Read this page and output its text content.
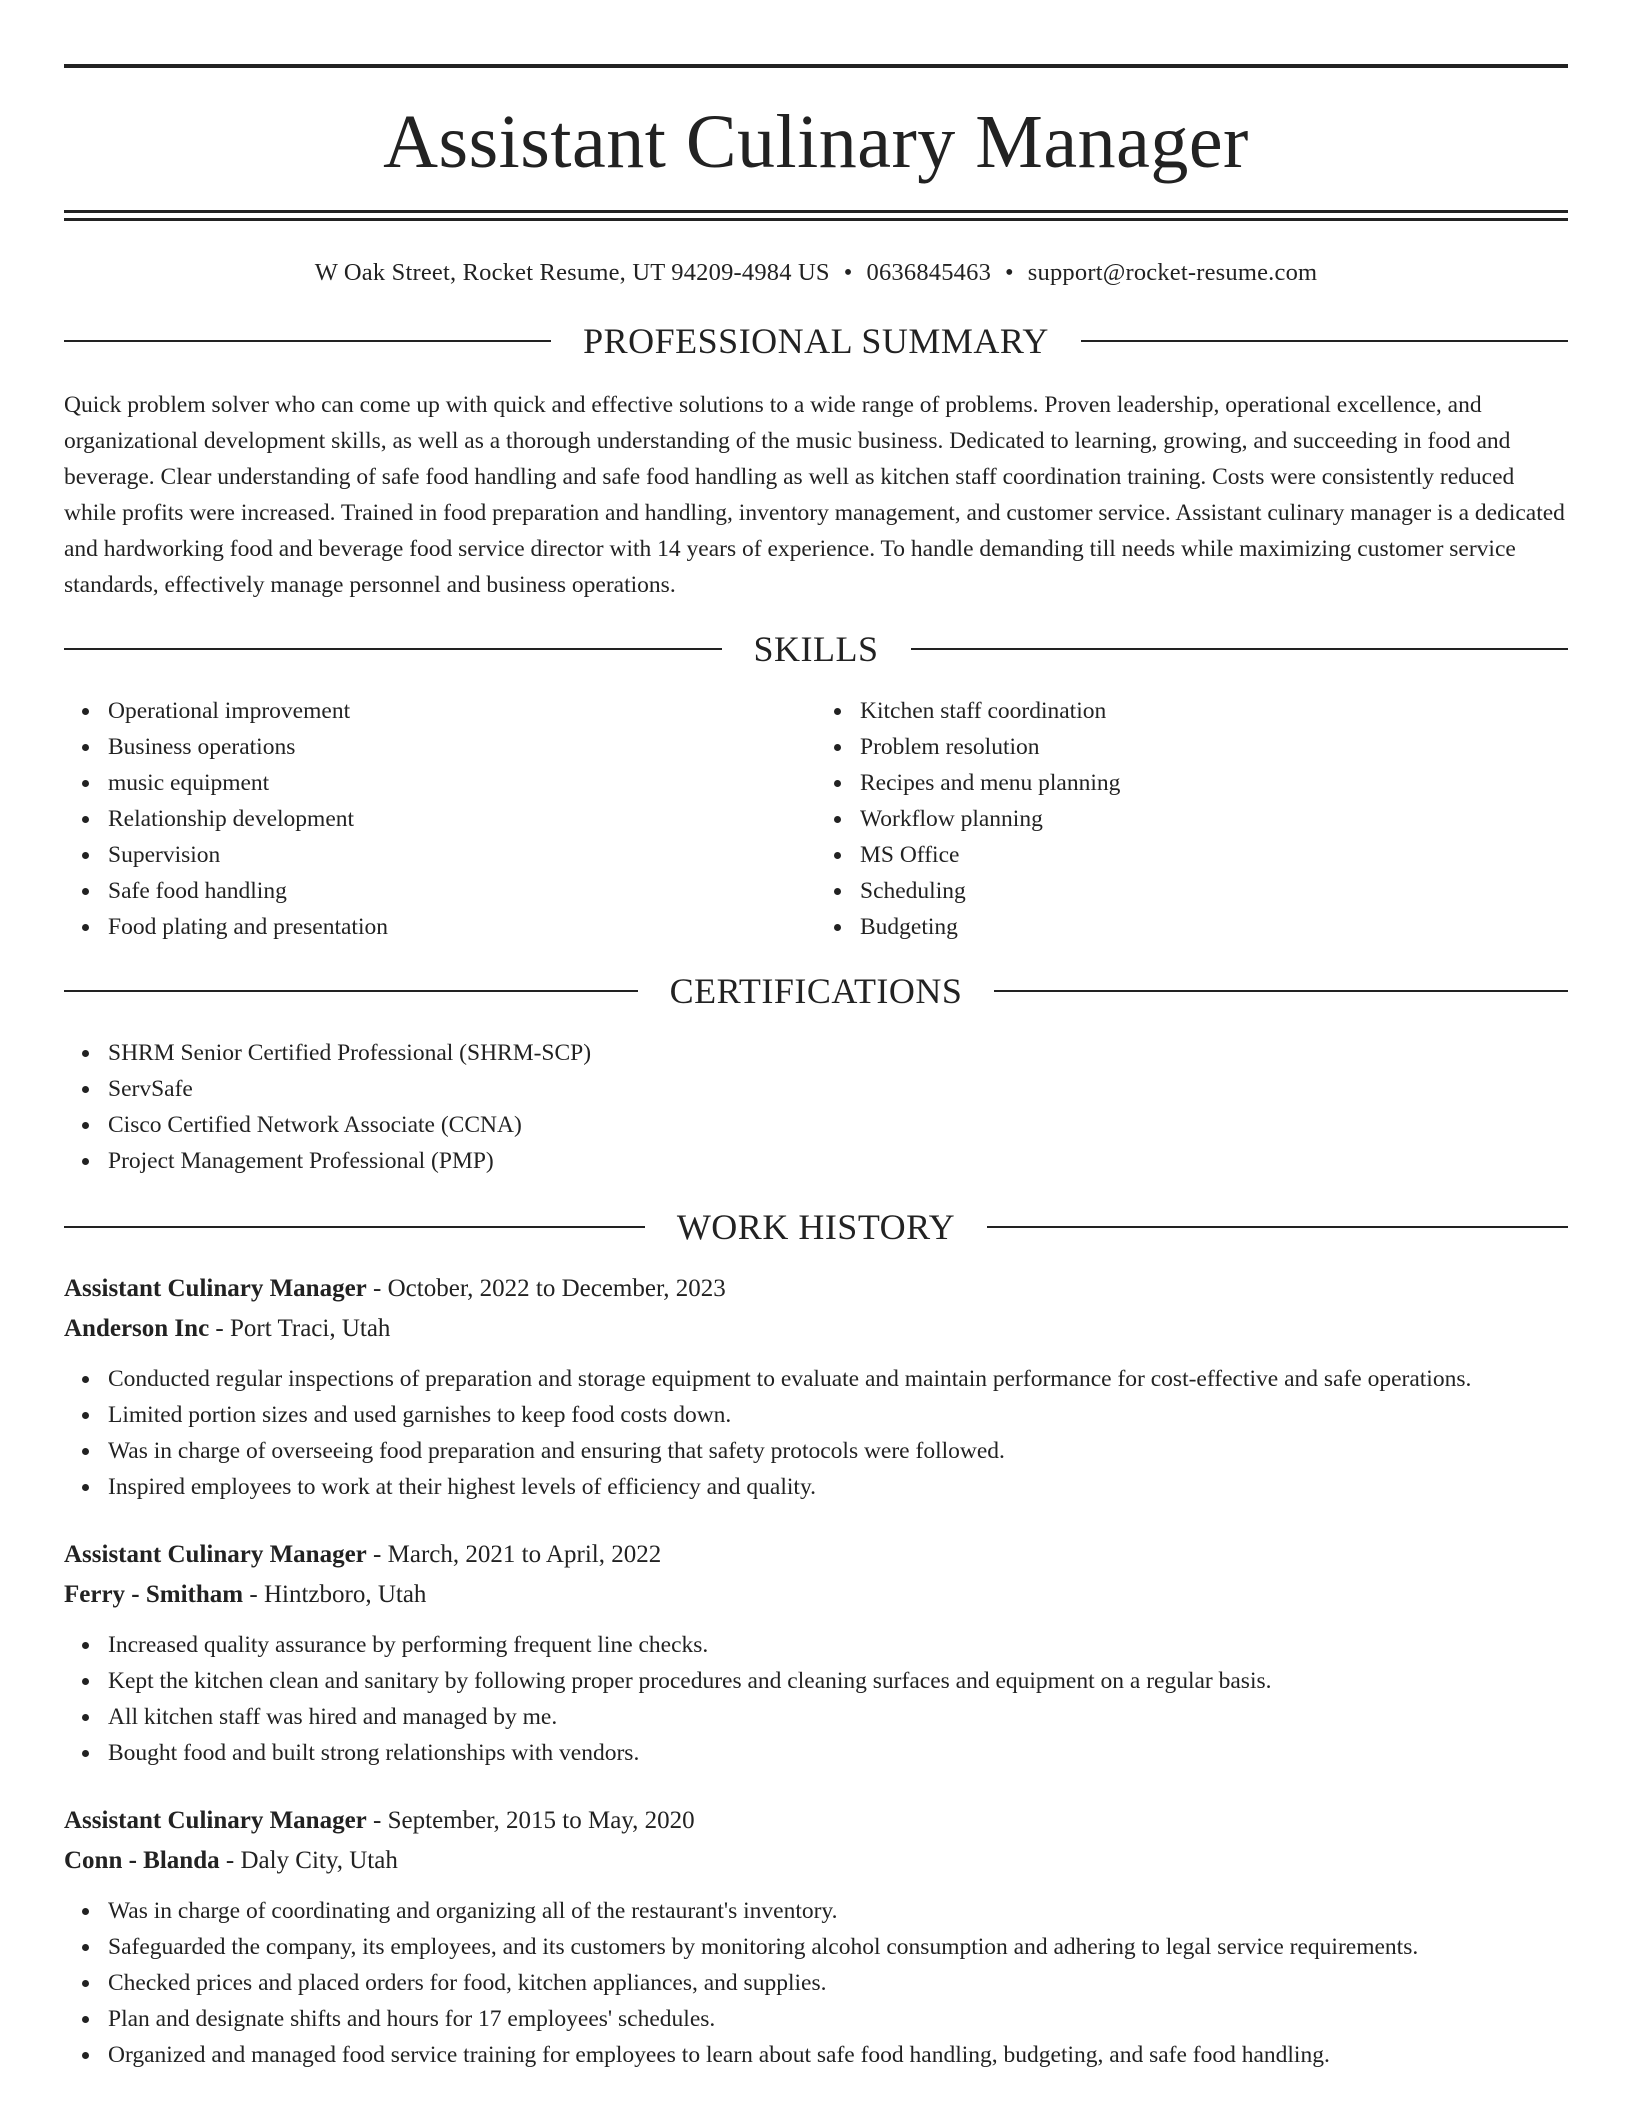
Assistant Culinary Manager
W Oak Street, Rocket Resume, UT 94209-4984 US • 0636845463 • support@rocket-resume.com
PROFESSIONAL SUMMARY

Quick problem solver who can come up with quick and effective solutions to a wide range of problems. Proven leadership, operational excellence, and organizational development skills, as well as a thorough understanding of the music business. Dedicated to learning, growing, and succeeding in food and beverage. Clear understanding of safe food handling and safe food handling as well as kitchen staff coordination training. Costs were consistently reduced while profits were increased. Trained in food preparation and handling, inventory management, and customer service. Assistant culinary manager is a dedicated and hardworking food and beverage food service director with 14 years of experience. To handle demanding till needs while maximizing customer service standards, effectively manage personnel and business operations.

SKILLS
Operational improvement
Business operations
music equipment
Relationship development
Supervision
Safe food handling
Food plating and presentation
Kitchen staff coordination
Problem resolution
Recipes and menu planning
Workflow planning
MS Office
Scheduling
Budgeting
CERTIFICATIONS
SHRM Senior Certified Professional (SHRM-SCP)
ServSafe
Cisco Certified Network Associate (CCNA)
Project Management Professional (PMP)
WORK HISTORY

Assistant Culinary Manager - October, 2022 to December, 2023

Anderson Inc - Port Traci, Utah

Conducted regular inspections of preparation and storage equipment to evaluate and maintain performance for cost-effective and safe operations.
Limited portion sizes and used garnishes to keep food costs down.
Was in charge of overseeing food preparation and ensuring that safety protocols were followed.
Inspired employees to work at their highest levels of efficiency and quality.

Assistant Culinary Manager - March, 2021 to April, 2022

Ferry - Smitham - Hintzboro, Utah

Increased quality assurance by performing frequent line checks.
Kept the kitchen clean and sanitary by following proper procedures and cleaning surfaces and equipment on a regular basis.
All kitchen staff was hired and managed by me.
Bought food and built strong relationships with vendors.

Assistant Culinary Manager - September, 2015 to May, 2020

Conn - Blanda - Daly City, Utah

Was in charge of coordinating and organizing all of the restaurant's inventory.
Safeguarded the company, its employees, and its customers by monitoring alcohol consumption and adhering to legal service requirements.
Checked prices and placed orders for food, kitchen appliances, and supplies.
Plan and designate shifts and hours for 17 employees' schedules.
Organized and managed food service training for employees to learn about safe food handling, budgeting, and safe food handling.
